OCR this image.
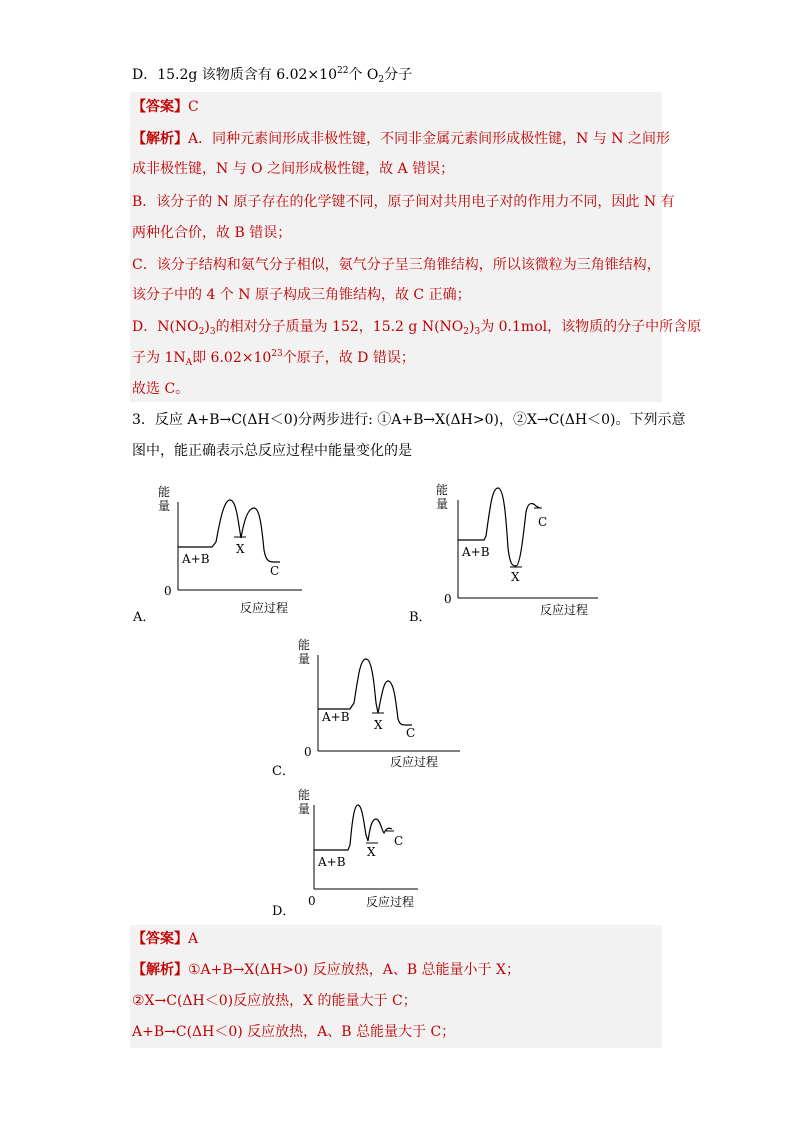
D．15.2g 该物质含有 $6.02\times 10^{22}$个 $O_2$分子
【答案】C
【解析】A．同种元素间形成非极性键，不同非金属元素间形成极性键，N 与 N 之间形
成非极性键，N 与 O 之间形成极性键，故 A 错误；
B．该分子的 N 原子存在的化学键不同，原子间对共用电子对的作用力不同，因此 N 有
两种化合价，故 B 错误；
C．该分子结构和氨气分子相似，氨气分子呈三角锥结构，所以该微粒为三角锥结构，
该分子中的 4 个 N 原子构成三角锥结构，故 C 正确；
D．$N(NO_2)_3$的相对分子质量为 152，15.2 g $N(NO_2)_3$为 0.1mol，该物质的分子中所含原
子为 $1N_A$即 $6.02\times 10^{23}$个原子，故 D 错误；
故选 C。
3．反应 A+B→C(ΔH＜0)分两步进行: ①A+B→X(ΔH>0)，②X→C(ΔH＜0)。下列示意
图中，能正确表示总反应过程中能量变化的是
能
量
0
A+B
X
C
反应过程
A．
能
量
0
A+B
X
C
反应过程
B．
能
量
0
A+B
X
C
反应过程
C．
能
量
0
A+B
X
C
反应过程
D．
【答案】A
【解析】①A+B→X(ΔH>0) 反应放热，A、B 总能量小于 X；
②X→C(ΔH＜0)反应放热，X 的能量大于 C；
A+B→C(ΔH＜0) 反应放热，A、B 总能量大于 C；
